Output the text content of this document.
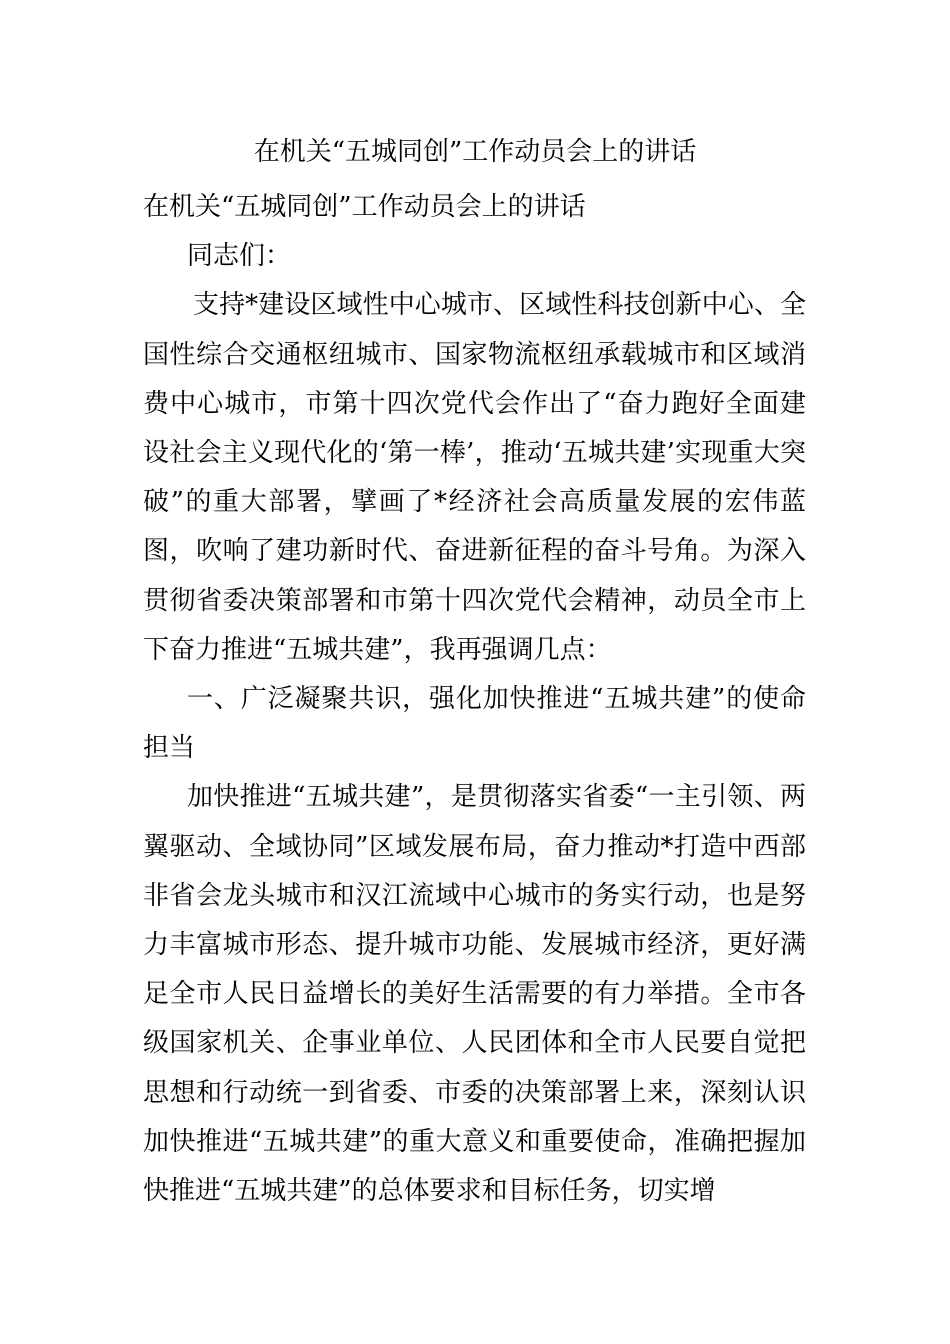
在机关“五城同创”工作动员会上的讲话

在机关“五城同创”工作动员会上的讲话

同志们：

支持*建设区域性中心城市、区域性科技创新中心、全国性综合交通枢纽城市、国家物流枢纽承载城市和区域消费中心城市，市第十四次党代会作出了“奋力跑好全面建设社会主义现代化的‘第一棒’，推动‘五城共建’实现重大突破”的重大部署，擘画了*经济社会高质量发展的宏伟蓝图，吹响了建功新时代、奋进新征程的奋斗号角。为深入贯彻省委决策部署和市第十四次党代会精神，动员全市上下奋力推进“五城共建”，我再强调几点：

一、广泛凝聚共识，强化加快推进“五城共建”的使命担当

加快推进“五城共建”，是贯彻落实省委“一主引领、两翼驱动、全域协同”区域发展布局，奋力推动*打造中西部非省会龙头城市和汉江流域中心城市的务实行动，也是努力丰富城市形态、提升城市功能、发展城市经济，更好满足全市人民日益增长的美好生活需要的有力举措。全市各级国家机关、企事业单位、人民团体和全市人民要自觉把思想和行动统一到省委、市委的决策部署上来，深刻认识加快推进“五城共建”的重大意义和重要使命，准确把握加快推进“五城共建”的总体要求和目标任务，切实增
